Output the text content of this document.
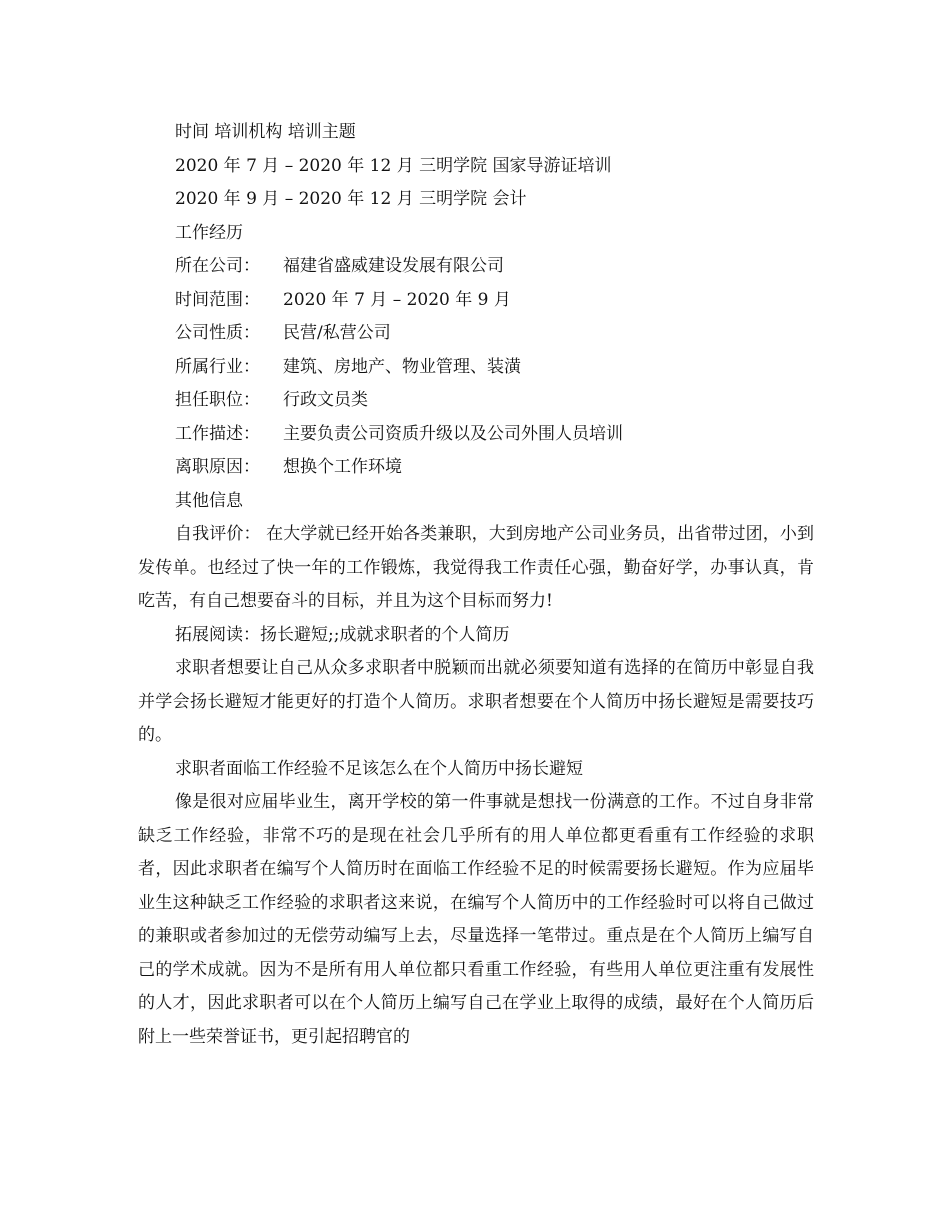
时间 培训机构 培训主题
2020 年 7 月 – 2020 年 12 月 三明学院 国家导游证培训
2020 年 9 月 – 2020 年 12 月 三明学院 会计
工作经历
所在公司： 福建省盛威建设发展有限公司
时间范围： 2020 年 7 月 – 2020 年 9 月
公司性质： 民营/私营公司
所属行业： 建筑、房地产、物业管理、装潢
担任职位： 行政文员类
工作描述： 主要负责公司资质升级以及公司外围人员培训
离职原因： 想换个工作环境
其他信息

自我评价： 在大学就已经开始各类兼职，大到房地产公司业务员，出省带过团，小到发传单。也经过了快一年的工作锻炼，我觉得我工作责任心强，勤奋好学，办事认真，肯吃苦，有自己想要奋斗的目标，并且为这个目标而努力!

拓展阅读：扬长避短;;成就求职者的个人简历

求职者想要让自己从众多求职者中脱颖而出就必须要知道有选择的在简历中彰显自我并学会扬长避短才能更好的打造个人简历。求职者想要在个人简历中扬长避短是需要技巧的。

求职者面临工作经验不足该怎么在个人简历中扬长避短

像是很对应届毕业生，离开学校的第一件事就是想找一份满意的工作。不过自身非常缺乏工作经验，非常不巧的是现在社会几乎所有的用人单位都更看重有工作经验的求职者，因此求职者在编写个人简历时在面临工作经验不足的时候需要扬长避短。作为应届毕业生这种缺乏工作经验的求职者这来说，在编写个人简历中的工作经验时可以将自己做过的兼职或者参加过的无偿劳动编写上去，尽量选择一笔带过。重点是在个人简历上编写自己的学术成就。因为不是所有用人单位都只看重工作经验，有些用人单位更注重有发展性的人才，因此求职者可以在个人简历上编写自己在学业上取得的成绩，最好在个人简历后附上一些荣誉证书，更引起招聘官的
